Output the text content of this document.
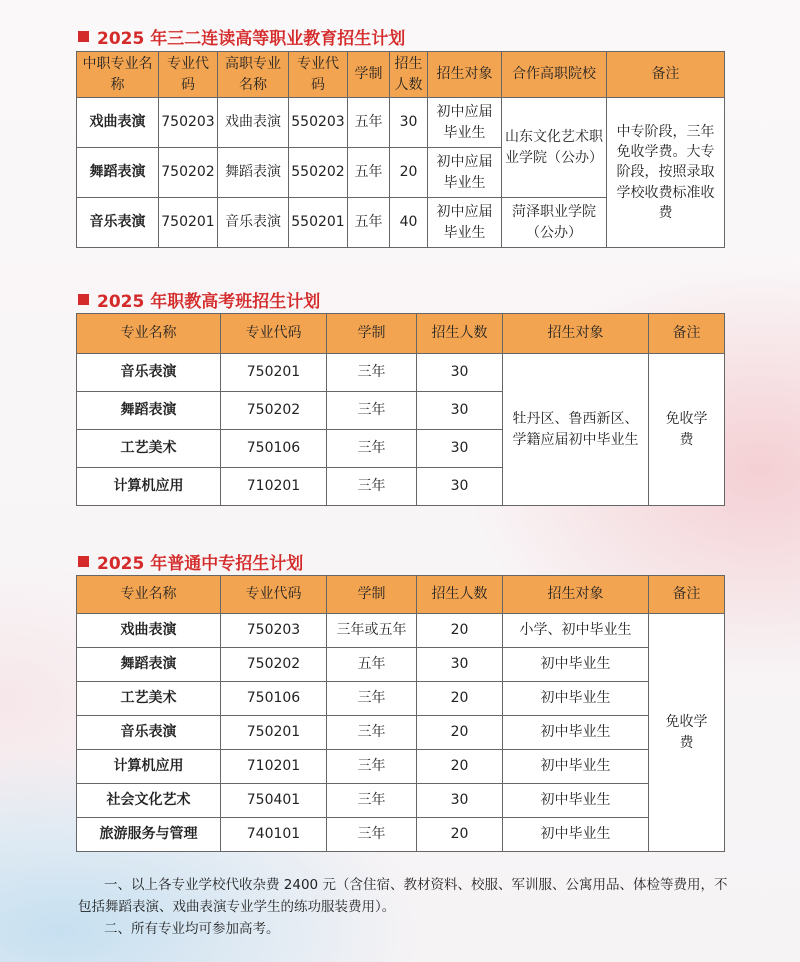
2025 年三二连读高等职业教育招生计划
中职专业名称	专业代码	高职专业名称	专业代码	学制	招生人数	招生对象	合作高职院校	备注
戏曲表演	750203	戏曲表演	550203	五年	30	初中应届毕业生	山东文化艺术职业学院（公办）	中专阶段，三年免收学费。大专阶段，按照录取学校收费标准收费
舞蹈表演	750202	舞蹈表演	550202	五年	20	初中应届毕业生		
音乐表演	750201	音乐表演	550201	五年	40	初中应届毕业生	菏泽职业学院（公办）	
2025 年职教高考班招生计划
专业名称	专业代码	学制	招生人数	招生对象	备注
音乐表演	750201	三年	30	牡丹区、鲁西新区、学籍应届初中毕业生	免收学费
舞蹈表演	750202	三年	30		
工艺美术	750106	三年	30		
计算机应用	710201	三年	30		
2025 年普通中专招生计划
专业名称	专业代码	学制	招生人数	招生对象	备注
戏曲表演	750203	三年或五年	20	小学、初中毕业生	免收学费
舞蹈表演	750202	五年	30	初中毕业生	
工艺美术	750106	三年	20	初中毕业生	
音乐表演	750201	三年	20	初中毕业生	
计算机应用	710201	三年	20	初中毕业生	
社会文化艺术	750401	三年	30	初中毕业生	
旅游服务与管理	740101	三年	20	初中毕业生	

一、以上各专业学校代收杂费 2400 元（含住宿、教材资料、校服、军训服、公寓用品、体检等费用，不包括舞蹈表演、戏曲表演专业学生的练功服装费用）。

二、所有专业均可参加高考。
